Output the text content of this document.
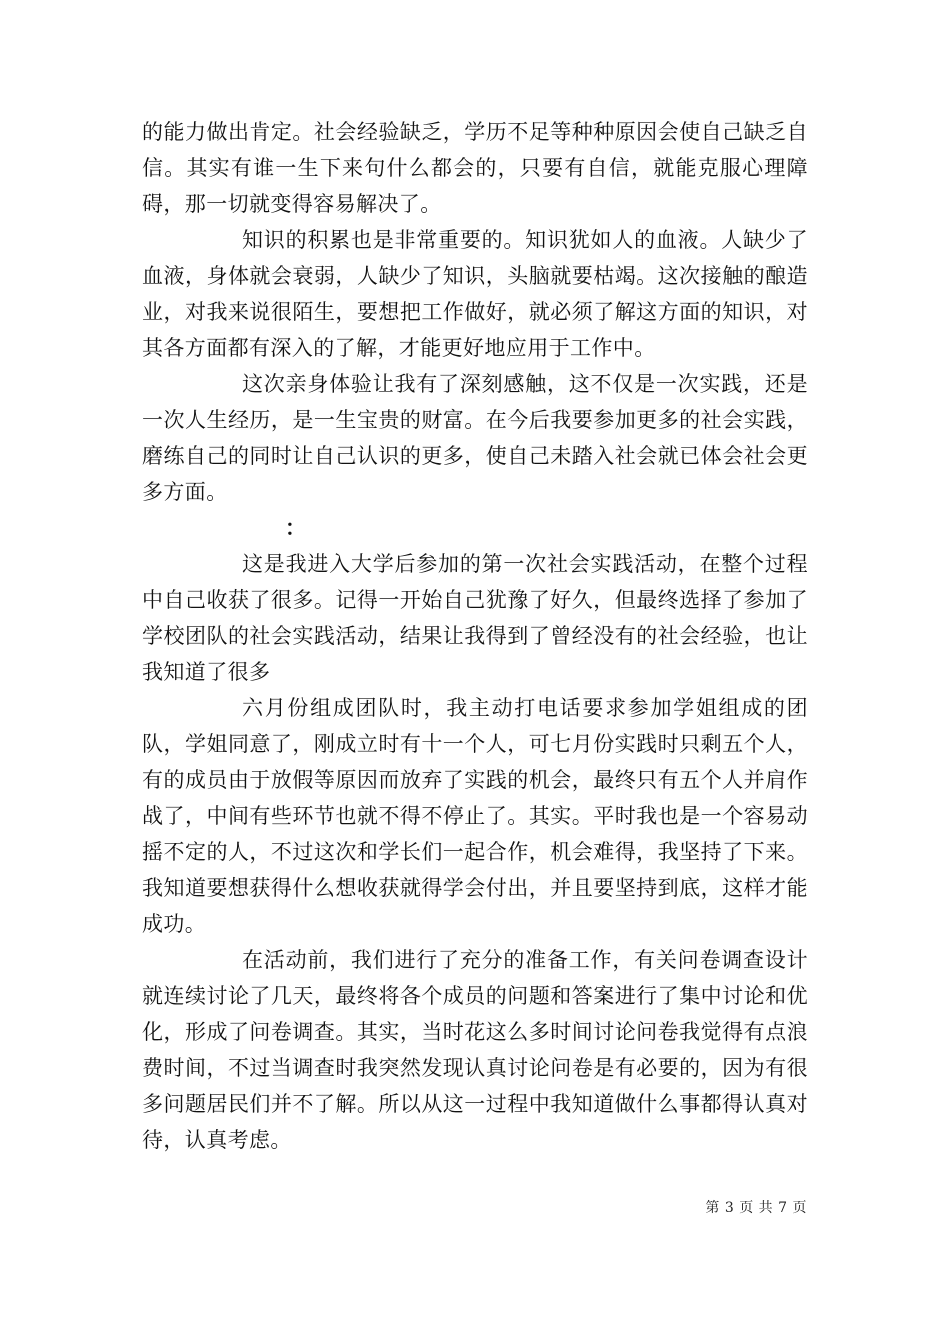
的能力做出肯定。社会经验缺乏，学历不足等种种原因会使自己缺乏自信。其实有谁一生下来句什么都会的，只要有自信，就能克服心理障碍，那一切就变得容易解决了。

知识的积累也是非常重要的。知识犹如人的血液。人缺少了血液，身体就会衰弱，人缺少了知识，头脑就要枯竭。这次接触的酿造业，对我来说很陌生，要想把工作做好，就必须了解这方面的知识，对其各方面都有深入的了解，才能更好地应用于工作中。

这次亲身体验让我有了深刻感触，这不仅是一次实践，还是一次人生经历，是一生宝贵的财富。在今后我要参加更多的社会实践，磨练自己的同时让自己认识的更多，使自己未踏入社会就已体会社会更多方面。

：

这是我进入大学后参加的第一次社会实践活动，在整个过程中自己收获了很多。记得一开始自己犹豫了好久，但最终选择了参加了学校团队的社会实践活动，结果让我得到了曾经没有的社会经验，也让我知道了很多

六月份组成团队时，我主动打电话要求参加学姐组成的团队，学姐同意了，刚成立时有十一个人，可七月份实践时只剩五个人，有的成员由于放假等原因而放弃了实践的机会，最终只有五个人并肩作战了，中间有些环节也就不得不停止了。其实。平时我也是一个容易动摇不定的人，不过这次和学长们一起合作，机会难得，我坚持了下来。我知道要想获得什么想收获就得学会付出，并且要坚持到底，这样才能成功。

在活动前，我们进行了充分的准备工作，有关问卷调查设计就连续讨论了几天，最终将各个成员的问题和答案进行了集中讨论和优化，形成了问卷调查。其实，当时花这么多时间讨论问卷我觉得有点浪费时间，不过当调查时我突然发现认真讨论问卷是有必要的，因为有很多问题居民们并不了解。所以从这一过程中我知道做什么事都得认真对待，认真考虑。

第 3 页 共 7 页
